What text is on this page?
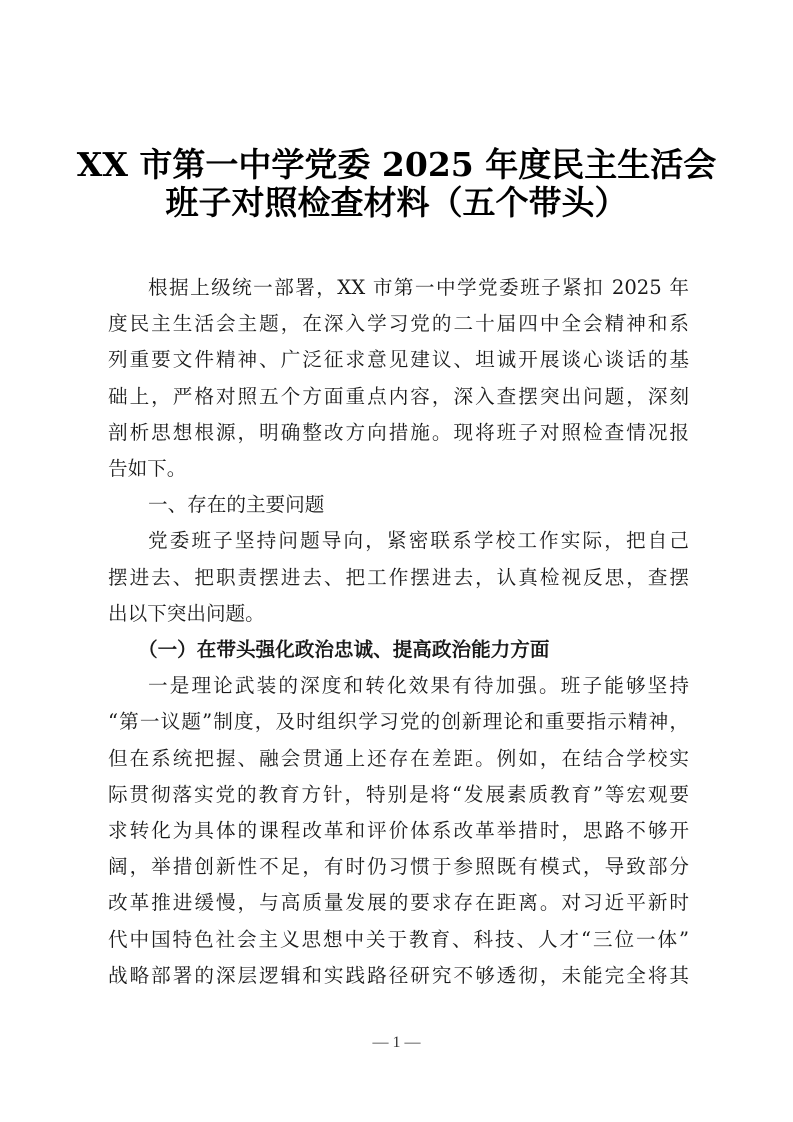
XX 市第一中学党委 2025 年度民主生活会
班子对照检查材料（五个带头）

根据上级统一部署，XX 市第一中学党委班子紧扣 2025 年
度民主生活会主题，在深入学习党的二十届四中全会精神和系
列重要文件精神、广泛征求意见建议、坦诚开展谈心谈话的基
础上，严格对照五个方面重点内容，深入查摆突出问题，深刻
剖析思想根源，明确整改方向措施。现将班子对照检查情况报
告如下。

一、存在的主要问题

党委班子坚持问题导向，紧密联系学校工作实际，把自己
摆进去、把职责摆进去、把工作摆进去，认真检视反思，查摆
出以下突出问题。

（一）在带头强化政治忠诚、提高政治能力方面

一是理论武装的深度和转化效果有待加强。班子能够坚持
“第一议题”制度，及时组织学习党的创新理论和重要指示精神，
但在系统把握、融会贯通上还存在差距。例如，在结合学校实
际贯彻落实党的教育方针，特别是将“发展素质教育”等宏观要
求转化为具体的课程改革和评价体系改革举措时，思路不够开
阔，举措创新性不足，有时仍习惯于参照既有模式，导致部分
改革推进缓慢，与高质量发展的要求存在距离。对习近平新时
代中国特色社会主义思想中关于教育、科技、人才“三位一体”
战略部署的深层逻辑和实践路径研究不够透彻，未能完全将其

— 1 —
